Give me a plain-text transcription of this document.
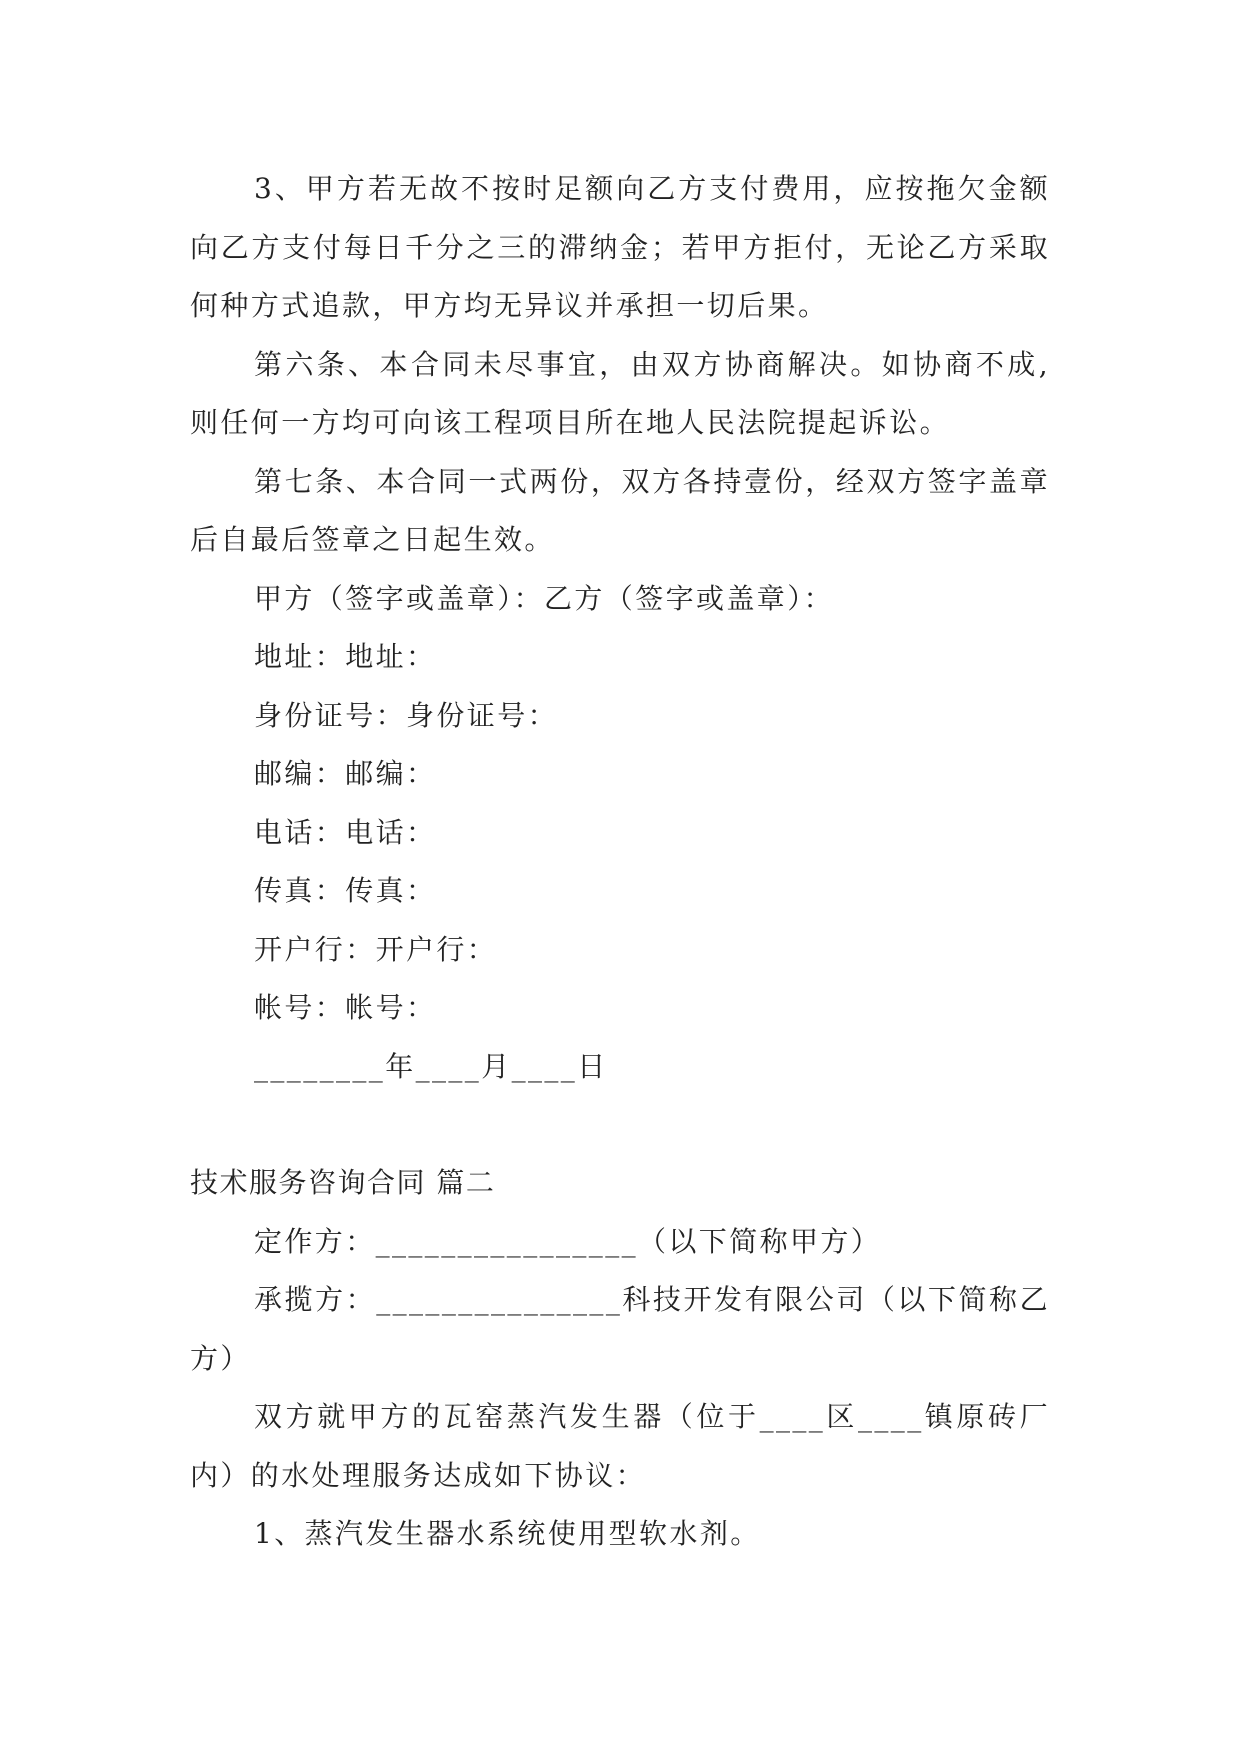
3、甲方若无故不按时足额向乙方支付费用，应按拖欠金额向乙方支付每日千分之三的滞纳金；若甲方拒付，无论乙方采取何种方式追款，甲方均无异议并承担一切后果。

第六条、本合同未尽事宜，由双方协商解决。如协商不成,则任何一方均可向该工程项目所在地人民法院提起诉讼。

第七条、本合同一式两份，双方各持壹份，经双方签字盖章后自最后签章之日起生效。

甲方（签字或盖章）：乙方（签字或盖章）：

地址：地址：

身份证号：身份证号：

邮编：邮编：

电话：电话：

传真：传真：

开户行：开户行：

帐号：帐号：

________年____月____日

技术服务咨询合同 篇二

定作方：________________（以下简称甲方）

承揽方：_______________科技开发有限公司（以下简称乙方）

双方就甲方的瓦窑蒸汽发生器（位于____区____镇原砖厂内）的水处理服务达成如下协议：

1、蒸汽发生器水系统使用型软水剂。
